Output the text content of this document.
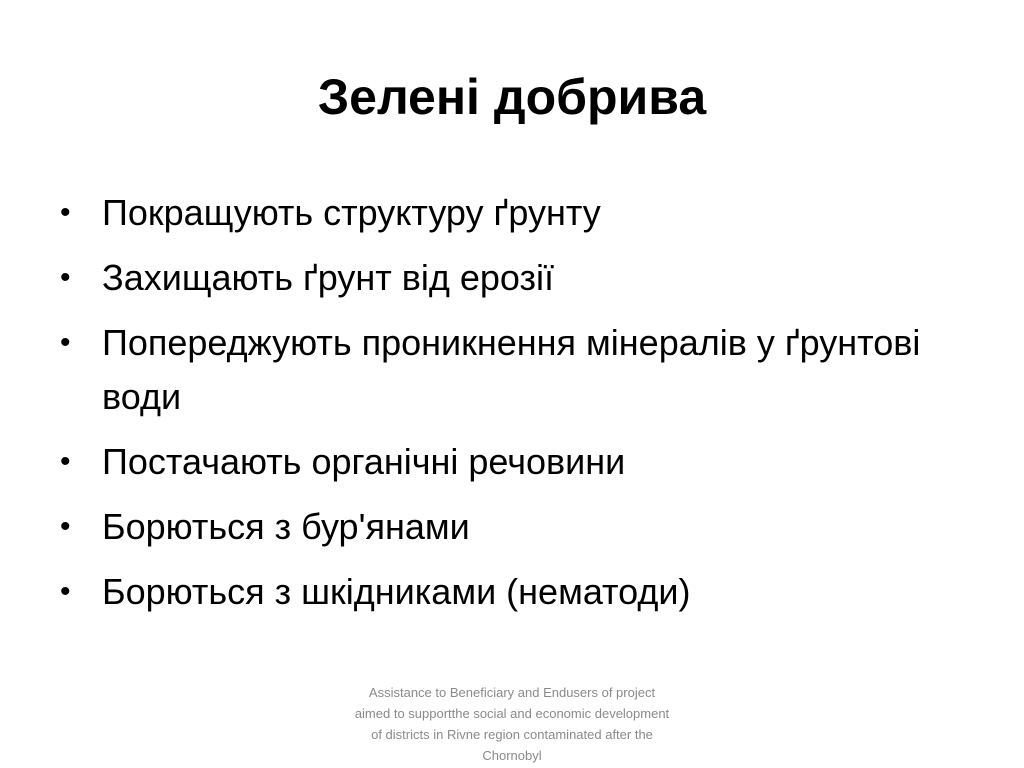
Зелені добрива
• Покращують структуру ґрунту
• Захищають ґрунт від ерозії
• Попереджують проникнення мінералів у ґрунтові води
• Постачають органічні речовини
• Борються з бур'янами
• Борються з шкідниками (нематоди)
Assistance to Beneficiary and Endusers of project aimed to supportthe social and economic development of districts in Rivne region contaminated after the Chornobyl
